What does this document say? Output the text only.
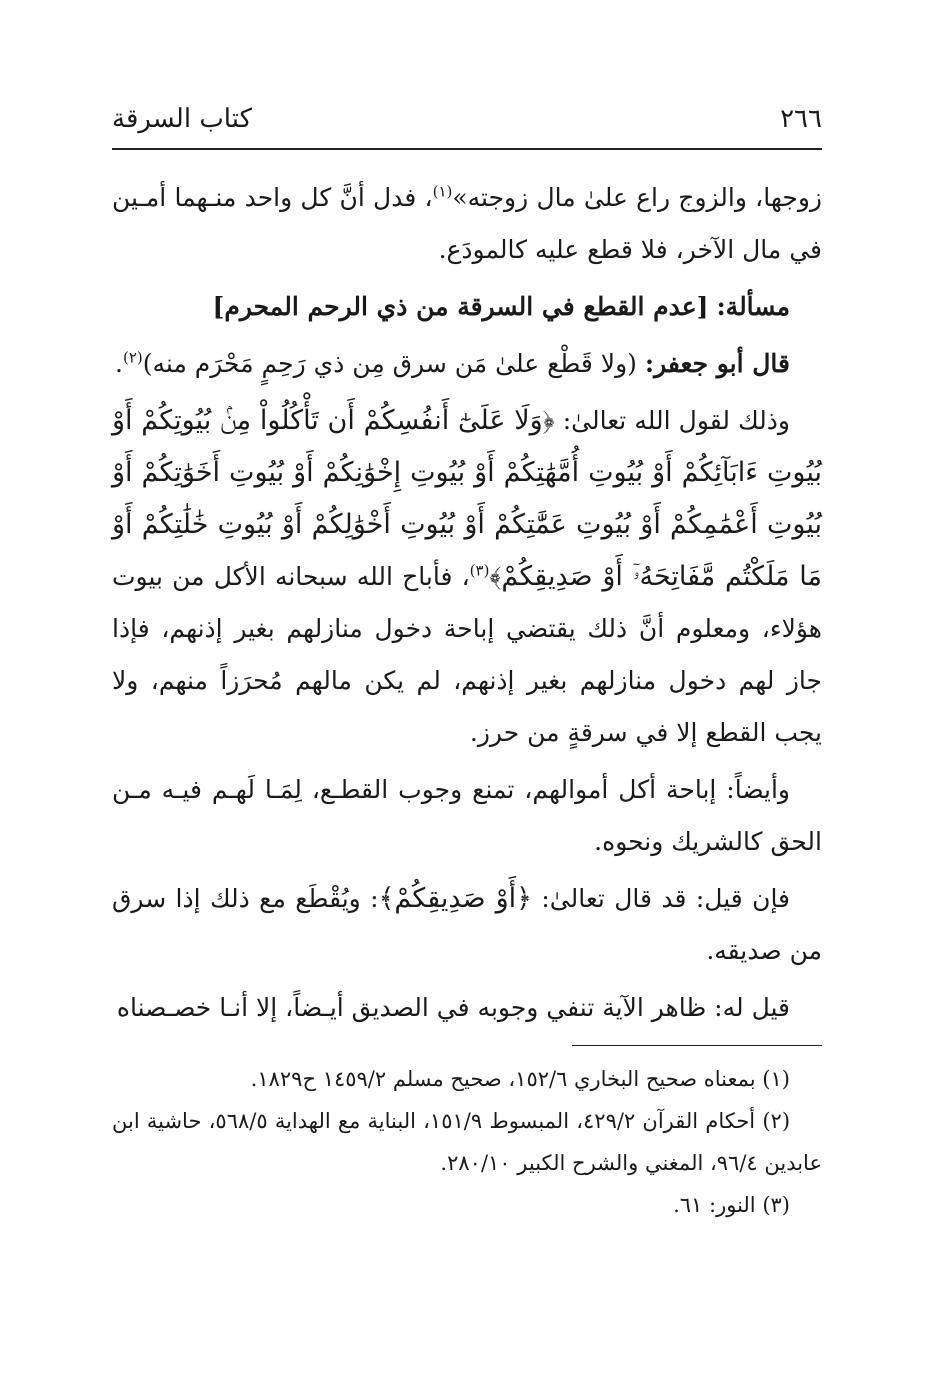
٢٦٦
كتاب السرقة

زوجها، والزوج راع علىٰ مال زوجته»$^{(١)}$، فدل أنَّ كل واحد منـهما أمـين في مال الآخر، فلا قطع عليه كالمودَع.

مسألة: [عدم القطع في السرقة من ذي الرحم المحرم]

قال أبو جعفر: (ولا قَطْع علىٰ مَن سرق مِن ذي رَحِمٍ مَحْرَم منه)$^{(٢)}$.

وذلك لقول الله تعالىٰ: ﴿وَلَا عَلَىٰٓ أَنفُسِكُمْ أَن تَأْكُلُواْ مِنۢ بُيُوتِكُمْ أَوْ بُيُوتِ ءَابَآئِكُمْ أَوْ بُيُوتِ أُمَّهَٰتِكُمْ أَوْ بُيُوتِ إِخْوَٰنِكُمْ أَوْ بُيُوتِ أَخَوَٰتِكُمْ أَوْ بُيُوتِ أَعْمَٰمِكُمْ أَوْ بُيُوتِ عَمَّٰتِكُمْ أَوْ بُيُوتِ أَخْوَٰلِكُمْ أَوْ بُيُوتِ خَٰلَٰتِكُمْ أَوْ مَا مَلَكْتُم مَّفَاتِحَهُۥٓ أَوْ صَدِيقِكُمْ﴾$^{(٣)}$، فأباح الله سبحانه الأكل من بيوت هؤلاء، ومعلوم أنَّ ذلك يقتضي إباحة دخول منازلهم بغير إذنهم، فإذا جاز لهم دخول منازلهم بغير إذنهم، لم يكن مالهم مُحرَزاً منهم، ولا يجب القطع إلا في سرقةٍ من حرز.

وأيضاً: إباحة أكل أموالهم، تمنع وجوب القطـع، لِمَـا لَهـم فيـه مـن الحق كالشريك ونحوه.

فإن قيل: قد قال تعالىٰ: ﴿أَوْ صَدِيقِكُمْ﴾: ويُقْطَع مع ذلك إذا سرق من صديقه.

قيل له: ظاهر الآية تنفي وجوبه في الصديق أيـضاً، إلا أنـا خصـصناه

(١) بمعناه صحيح البخاري ١٥٢/٦، صحيح مسلم ١٤٥٩/٢ ح١٨٢٩.

(٢) أحكام القرآن ٤٢٩/٢، المبسوط ١٥١/٩، البناية مع الهداية ٥٦٨/٥، حاشية ابن عابدين ٩٦/٤، المغني والشرح الكبير ٢٨٠/١٠.

(٣) النور: ٦١.
